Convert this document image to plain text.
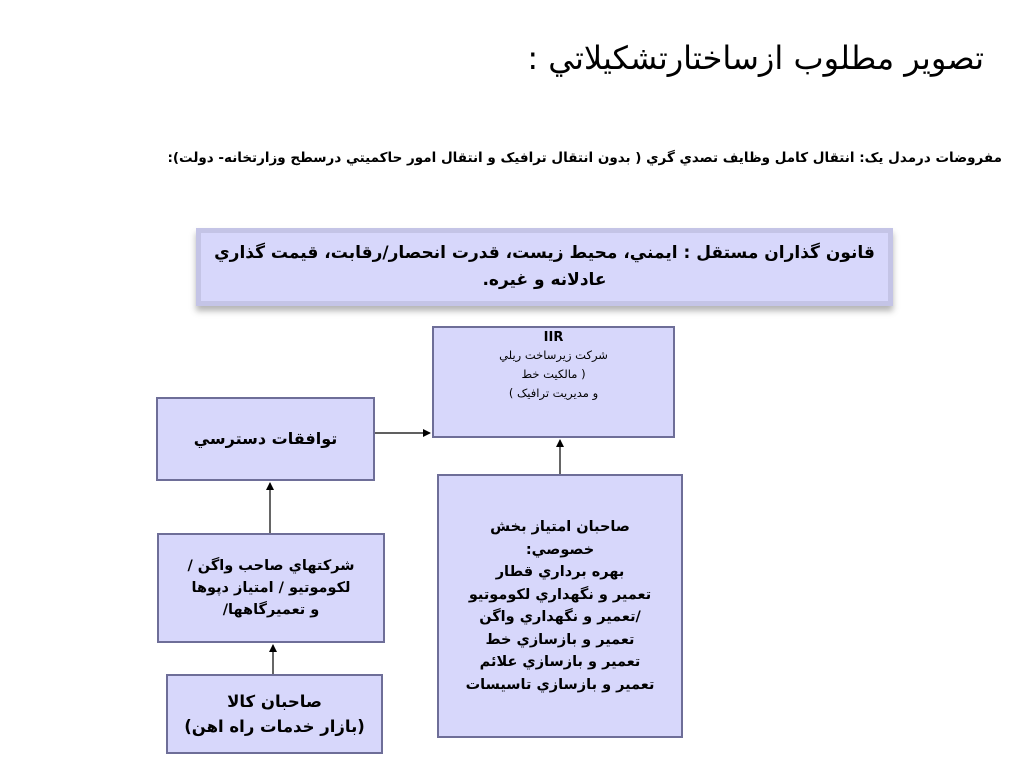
تصوير مطلوب ازساختارتشكيلاتي :
مفروضات درمدل يک: انتقال كامل وظايف تصدي گري ( بدون انتقال ترافيک و انتقال امور حاكميتي درسطح وزارتخانه- دولت):
قانون گذاران مستقل : ايمني، محيط زيست، قدرت انحصار/رقابت، قيمت گذاري
عادلانه و غيره.
IIR
شركت زيرساخت ريلي
( مالكيت خط
و مديريت ترافيک )
توافقات دسترسي
صاحبان امتياز بخش
خصوصي:
بهره برداري قطار
تعمير و نگهداري لكوموتيو
/تعمير و نگهداري واگن
تعمير و بازسازي خط
تعمير و بازسازي علائم
تعمير و بازسازي تاسيسات
شركتهاي صاحب واگن /
لكوموتيو / امتياز دپوها
و تعميرگاهها/
صاحبان كالا
(بازار خدمات راه اهن)
